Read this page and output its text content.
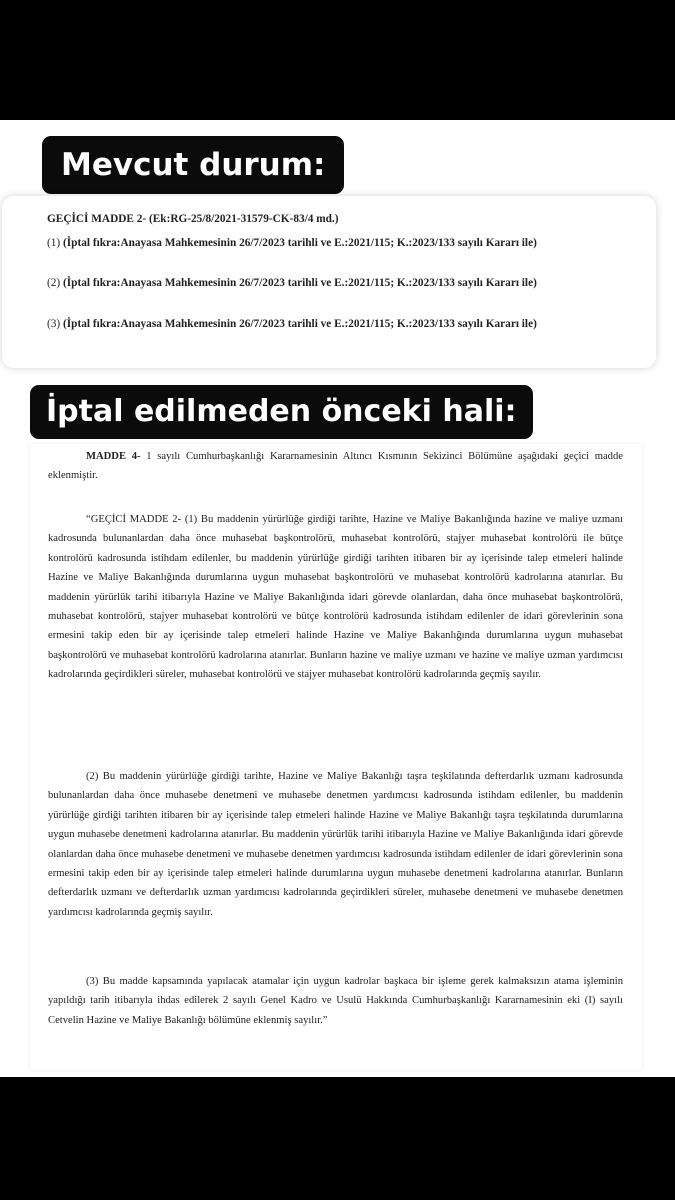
Mevcut durum:
GEÇİCİ MADDE 2- (Ek:RG-25/8/2021-31579-CK-83/4 md.)
(1) (İptal fıkra:Anayasa Mahkemesinin 26/7/2023 tarihli ve E.:2021/115; K.:2023/133 sayılı Kararı ile)
(2) (İptal fıkra:Anayasa Mahkemesinin 26/7/2023 tarihli ve E.:2021/115; K.:2023/133 sayılı Kararı ile)
(3) (İptal fıkra:Anayasa Mahkemesinin 26/7/2023 tarihli ve E.:2021/115; K.:2023/133 sayılı Kararı ile)
İptal edilmeden önceki hali:
MADDE 4- 1 sayılı Cumhurbaşkanlığı Kararnamesinin Altıncı Kısmının Sekizinci Bölümüne aşağıdaki geçici madde eklenmiştir.
“GEÇİCİ MADDE 2- (1) Bu maddenin yürürlüğe girdiği tarihte, Hazine ve Maliye Bakanlığında hazine ve maliye uzmanı kadrosunda bulunanlardan daha önce muhasebat başkontrolörü, muhasebat kontrolörü, stajyer muhasebat kontrolörü ile bütçe kontrolörü kadrosunda istihdam edilenler, bu maddenin yürürlüğe girdiği tarihten itibaren bir ay içerisinde talep etmeleri halinde Hazine ve Maliye Bakanlığında durumlarına uygun muhasebat başkontrolörü ve muhasebat kontrolörü kadrolarına atanırlar. Bu maddenin yürürlük tarihi itibarıyla Hazine ve Maliye Bakanlığında idari görevde olanlardan, daha önce muhasebat başkontrolörü, muhasebat kontrolörü, stajyer muhasebat kontrolörü ve bütçe kontrolörü kadrosunda istihdam edilenler de idari görevlerinin sona ermesini takip eden bir ay içerisinde talep etmeleri halinde Hazine ve Maliye Bakanlığında durumlarına uygun muhasebat başkontrolörü ve muhasebat kontrolörü kadrolarına atanırlar. Bunların hazine ve maliye uzmanı ve hazine ve maliye uzman yardımcısı kadrolarında geçirdikleri süreler, muhasebat kontrolörü ve stajyer muhasebat kontrolörü kadrolarında geçmiş sayılır.
(2) Bu maddenin yürürlüğe girdiği tarihte, Hazine ve Maliye Bakanlığı taşra teşkilatında defterdarlık uzmanı kadrosunda bulunanlardan daha önce muhasebe denetmeni ve muhasebe denetmen yardımcısı kadrosunda istihdam edilenler, bu maddenin yürürlüğe girdiği tarihten itibaren bir ay içerisinde talep etmeleri halinde Hazine ve Maliye Bakanlığı taşra teşkilatında durumlarına uygun muhasebe denetmeni kadrolarına atanırlar. Bu maddenin yürürlük tarihi itibarıyla Hazine ve Maliye Bakanlığında idari görevde olanlardan daha önce muhasebe denetmeni ve muhasebe denetmen yardımcısı kadrosunda istihdam edilenler de idari görevlerinin sona ermesini takip eden bir ay içerisinde talep etmeleri halinde durumlarına uygun muhasebe denetmeni kadrolarına atanırlar. Bunların defterdarlık uzmanı ve defterdarlık uzman yardımcısı kadrolarında geçirdikleri süreler, muhasebe denetmeni ve muhasebe denetmen yardımcısı kadrolarında geçmiş sayılır.
(3) Bu madde kapsamında yapılacak atamalar için uygun kadrolar başkaca bir işleme gerek kalmaksızın atama işleminin yapıldığı tarih itibarıyla ihdas edilerek 2 sayılı Genel Kadro ve Usulü Hakkında Cumhurbaşkanlığı Kararnamesinin eki (I) sayılı Cetvelin Hazine ve Maliye Bakanlığı bölümüne eklenmiş sayılır.”
